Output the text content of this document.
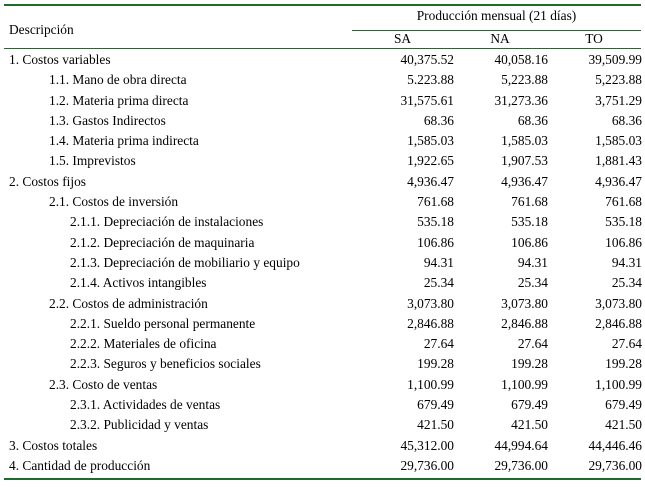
Descripción
Producción mensual (21 días)
SA	NA	TO
1. Costos variables	40,375.52	40,058.16	39,509.99
1.1. Mano de obra directa	5.223.88	5,223.88	5,223.88
1.2. Materia prima directa	31,575.61	31,273.36	3,751.29
1.3. Gastos Indirectos	68.36	68.36	68.36
1.4. Materia prima indirecta	1,585.03	1,585.03	1,585.03
1.5. Imprevistos	1,922.65	1,907.53	1,881.43
2. Costos fijos	4,936.47	4,936.47	4,936.47
2.1. Costos de inversión	761.68	761.68	761.68
2.1.1. Depreciación de instalaciones	535.18	535.18	535.18
2.1.2. Depreciación de maquinaria	106.86	106.86	106.86
2.1.3. Depreciación de mobiliario y equipo	94.31	94.31	94.31
2.1.4. Activos intangibles	25.34	25.34	25.34
2.2. Costos de administración	3,073.80	3,073.80	3,073.80
2.2.1. Sueldo personal permanente	2,846.88	2,846.88	2,846.88
2.2.2. Materiales de oficina	27.64	27.64	27.64
2.2.3. Seguros y beneficios sociales	199.28	199.28	199.28
2.3. Costo de ventas	1,100.99	1,100.99	1,100.99
2.3.1. Actividades de ventas	679.49	679.49	679.49
2.3.2. Publicidad y ventas	421.50	421.50	421.50
3. Costos totales	45,312.00	44,994.64	44,446.46
4. Cantidad de producción	29,736.00	29,736.00	29,736.00
